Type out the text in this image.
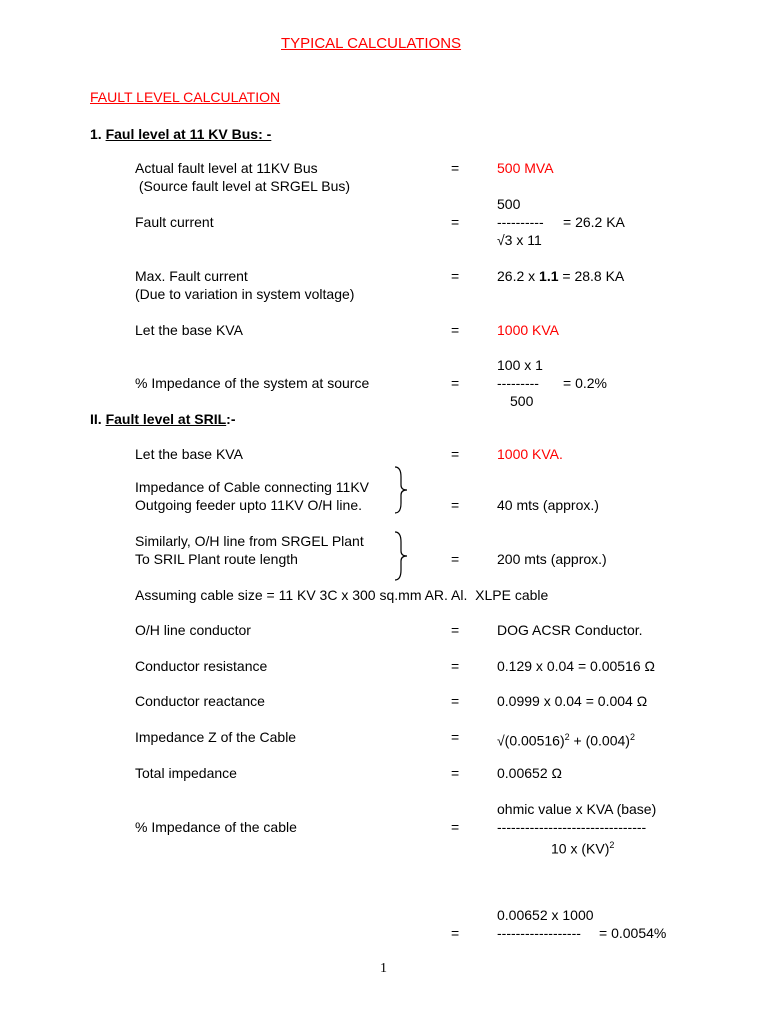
TYPICAL CALCULATIONS
FAULT LEVEL CALCULATION
1. Faul level at 11 KV Bus: -
Actual fault level at 11KV Bus	=	500 MVA
(Source fault level at SRGEL Bus)
500
Fault current	=	---------- = 26.2 KA
√3 x 11
Max. Fault current	=	26.2 x 1.1 = 28.8 KA
(Due to variation in system voltage)
Let the base KVA	=	1000 KVA
100 x 1
% Impedance of the system at source	=	--------- = 0.2%
500
II. Fault level at SRIL:-
Let the base KVA	=	1000 KVA.
Impedance of Cable connecting 11KV
Outgoing feeder upto 11KV O/H line.	=	40 mts (approx.)
Similarly, O/H line from SRGEL Plant
To SRIL Plant route length	=	200 mts (approx.)
Assuming cable size = 11 KV 3C x 300 sq.mm AR. Al.  XLPE cable
O/H line conductor	=	DOG ACSR Conductor.
Conductor resistance	=	0.129 x 0.04 = 0.00516 Ω
Conductor reactance	=	0.0999 x 0.04 = 0.004 Ω
Impedance Z of the Cable	=	$√(0.00516)^2 + (0.004)^2$
Total impedance	=	0.00652 Ω
ohmic value x KVA (base)
% Impedance of the cable	=	--------------------------------
10 x (KV)$^2$
0.00652 x 1000
=	------------------ = 0.0054%
1
